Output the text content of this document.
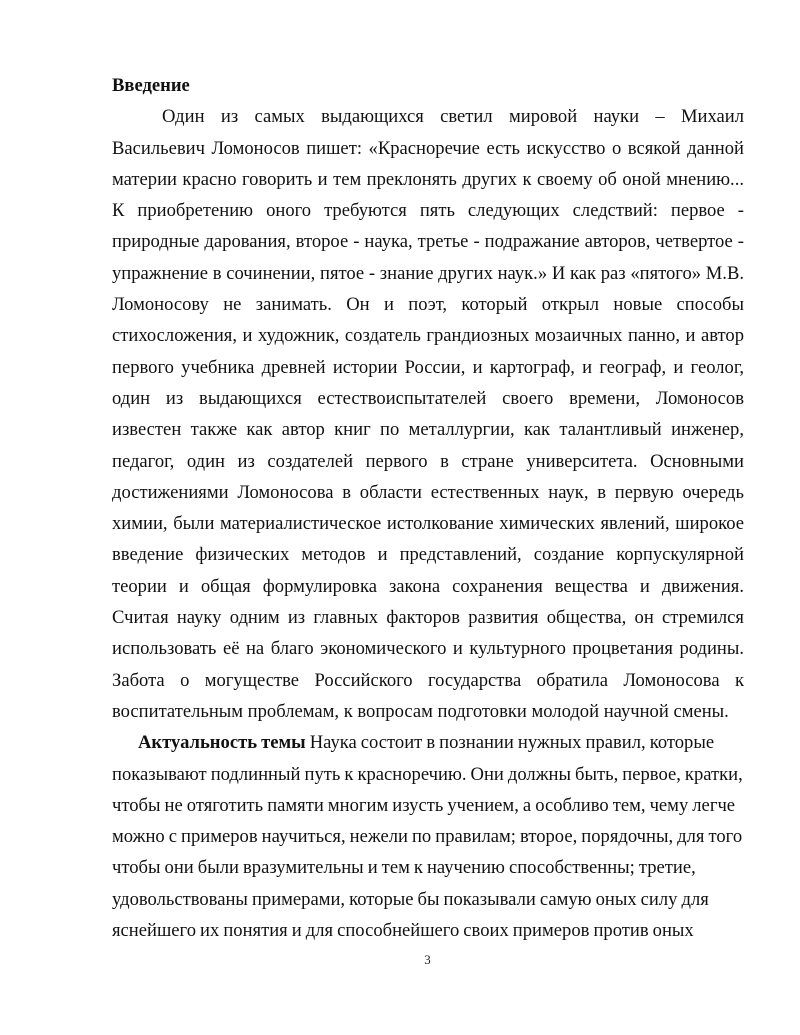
Введение

Один из самых выдающихся светил мировой науки – Михаил Васильевич Ломоносов пишет: «Красноречие есть искусство о всякой данной материи красно говорить и тем преклонять других к своему об оной мнению... К приобретению оного требуются пять следующих следствий: первое - природные дарования, второе - наука, третье - подражание авторов, четвертое - упражнение в сочинении, пятое - знание других наук.» И как раз «пятого» М.В. Ломоносову не занимать. Он и поэт, который открыл новые способы стихосложения, и художник, создатель грандиозных мозаичных панно, и автор первого учебника древней истории России, и картограф, и географ, и геолог, один из выдающихся естествоиспытателей своего времени, Ломоносов известен также как автор книг по металлургии, как талантливый инженер, педагог, один из создателей первого в стране университета. Основными достижениями Ломоносова в области естественных наук, в первую очередь химии, были материалистическое истолкование химических явлений, широкое введение физических методов и представлений, создание корпускулярной теории и общая формулировка закона сохранения вещества и движения. Считая науку одним из главных факторов развития общества, он стремился использовать её на благо экономического и культурного процветания родины. Забота о могуществе Российского государства обратила Ломоносова к воспитательным проблемам, к вопросам подготовки молодой научной смены.

Актуальность темы Наука состоит в познании нужных правил, которые показывают подлинный путь к красноречию. Они должны быть, первое, кратки, чтобы не отяготить памяти многим изусть учением, а особливо тем, чему легче можно с примеров научиться, нежели по правилам; второе, порядочны, для того чтобы они были вразумительны и тем к научению способственны; третие, удовольствованы примерами, которые бы показывали самую оных силу для яснейшего их понятия и для способнейшего своих примеров против оных

3
